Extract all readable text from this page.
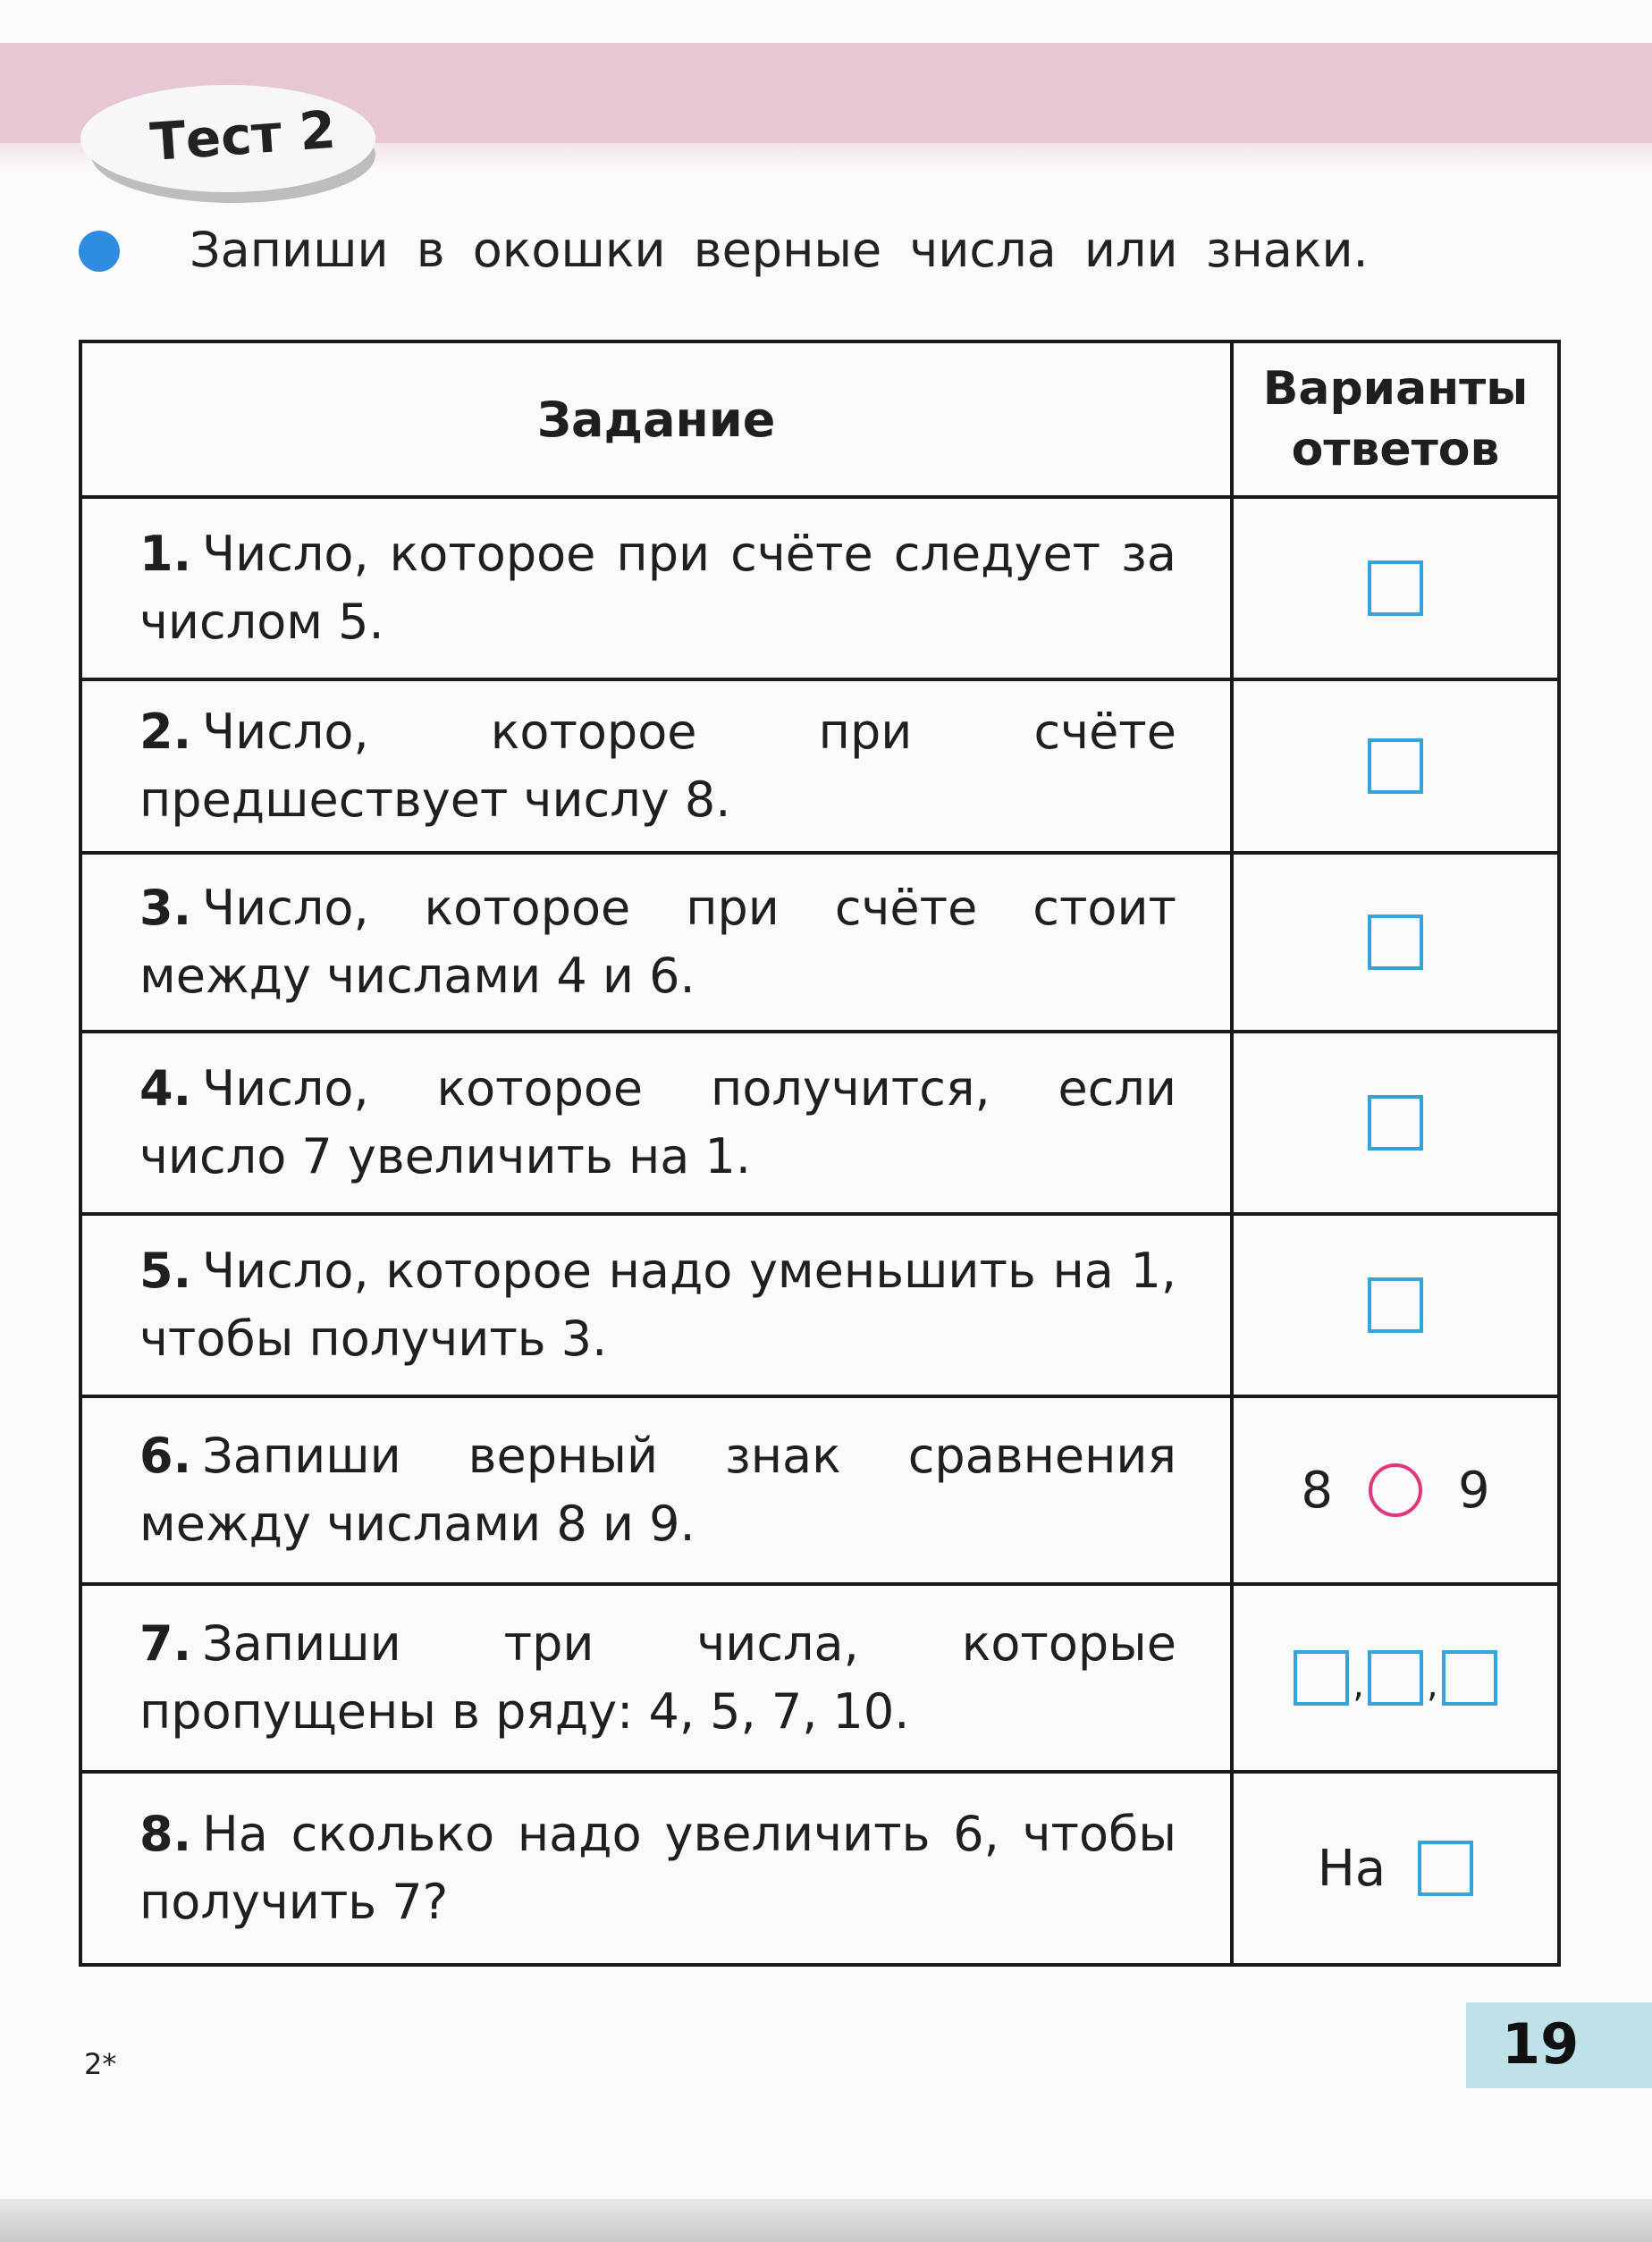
Тест 2
Запиши в окошки верные числа или знаки.
Задание	Варианты ответов
1. Число, которое при счёте следует за числом 5.	
2. Число, которое при счёте предшествует числу 8.	
3. Число, которое при счёте стоит между числами 4 и 6.	
4. Число, которое получится, если число 7 увеличить на 1.	
5. Число, которое надо уменьшить на 1, чтобы получить 3.	
6. Запиши верный знак сравнения между числами 8 и 9.	8 9
7. Запиши три числа, которые пропущены в ряду: 4, 5, 7, 10.	, ,
8. На сколько надо увеличить 6, чтобы получить 7?	На
2*	19
